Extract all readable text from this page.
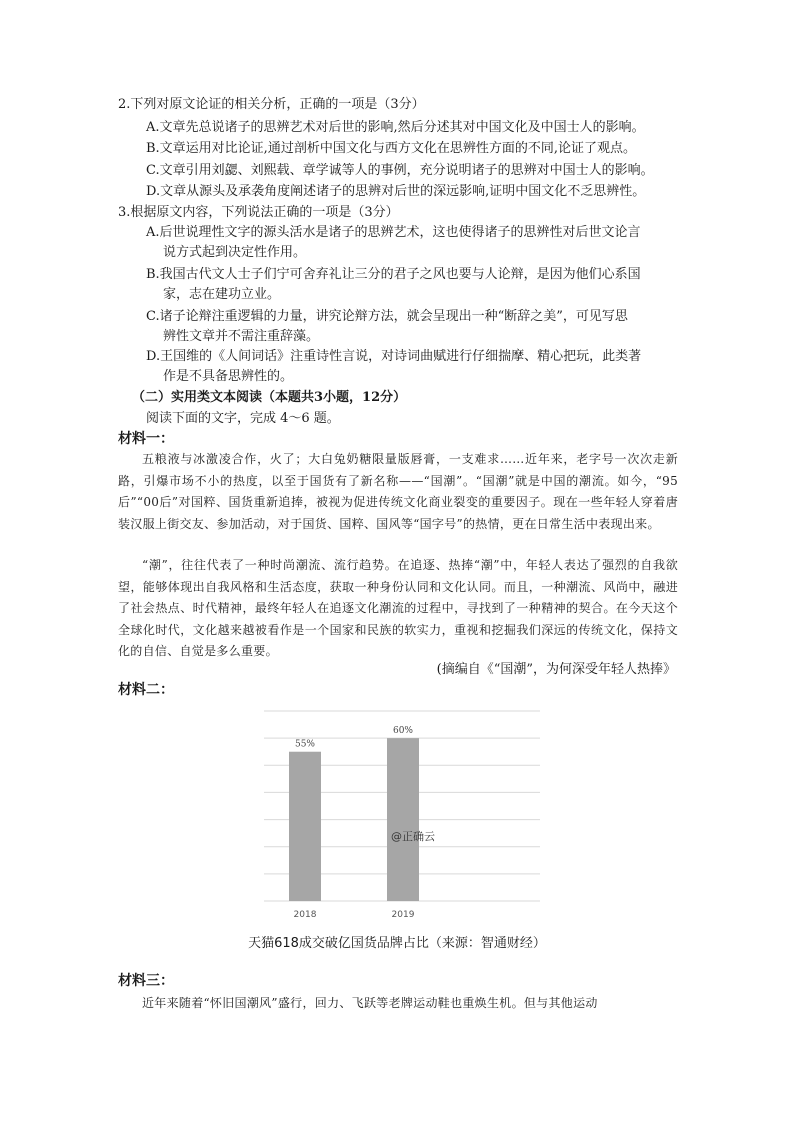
2.下列对原文论证的相关分析，正确的一项是（3分）
A.文章先总说诸子的思辨艺术对后世的影响,然后分述其对中国文化及中国士人的影响。
B.文章运用对比论证,通过剖析中国文化与西方文化在思辨性方面的不同,论证了观点。
C.文章引用刘勰、刘熙载、章学诚等人的事例，充分说明诸子的思辨对中国士人的影响。
D.文章从源头及承袭角度阐述诸子的思辨对后世的深远影响,证明中国文化不乏思辨性。
3.根据原文内容，下列说法正确的一项是（3分）
A.后世说理性文字的源头活水是诸子的思辨艺术，这也使得诸子的思辨性对后世文论言
说方式起到决定性作用。
B.我国古代文人士子们宁可舍弃礼让三分的君子之风也要与人论辩，是因为他们心系国
家，志在建功立业。
C.诸子论辩注重逻辑的力量，讲究论辩方法，就会呈现出一种“断辞之美”，可见写思
辨性文章并不需注重辞藻。
D.王国维的《人间词话》注重诗性言说，对诗词曲赋进行仔细揣摩、精心把玩，此类著
作是不具备思辨性的。
（二）实用类文本阅读（本题共3小题，12分）
阅读下面的文字，完成 4～6 题。
材料一：
五粮液与冰激凌合作，火了；大白兔奶糖限量版唇膏，一支难求……近年来，老字号一次次走新路，引爆市场不小的热度，以至于国货有了新名称——“国潮”。“国潮”就是中国的潮流。如今，“95后”“00后”对国粹、国货重新追捧，被视为促进传统文化商业裂变的重要因子。现在一些年轻人穿着唐装汉服上街交友、参加活动，对于国货、国粹、国风等“国字号”的热情，更在日常生活中表现出来。
“潮”，往往代表了一种时尚潮流、流行趋势。在追逐、热捧“潮”中，年轻人表达了强烈的自我欲望，能够体现出自我风格和生活态度，获取一种身份认同和文化认同。而且，一种潮流、风尚中，融进了社会热点、时代精神，最终年轻人在追逐文化潮流的过程中，寻找到了一种精神的契合。在今天这个全球化时代，文化越来越被看作是一个国家和民族的软实力，重视和挖掘我们深远的传统文化，保持文化的自信、自觉是多么重要。
(摘编自《“国潮”，为何深受年轻人热捧》
材料二：
55%
2018
60%
2019
@正确云
天猫618成交破亿国货品牌占比（来源：智通财经）
材料三：
近年来随着“怀旧国潮风”盛行，回力、飞跃等老牌运动鞋也重焕生机。但与其他运动
